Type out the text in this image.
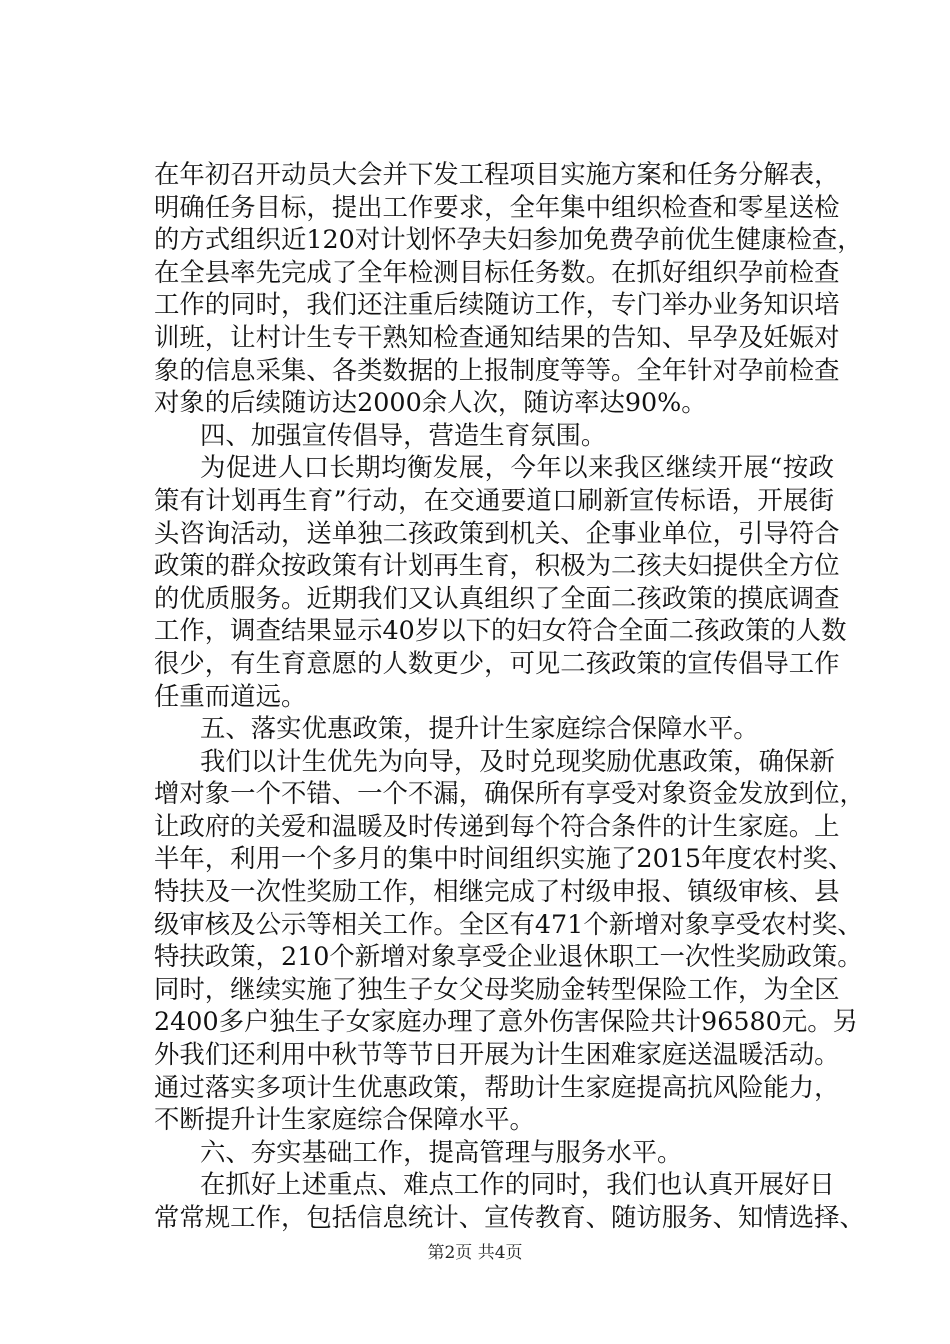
在年初召开动员大会并下发工程项目实施方案和任务分解表，
明确任务目标，提出工作要求，全年集中组织检查和零星送检
的方式组织近120对计划怀孕夫妇参加免费孕前优生健康检查，
在全县率先完成了全年检测目标任务数。在抓好组织孕前检查
工作的同时，我们还注重后续随访工作，专门举办业务知识培
训班，让村计生专干熟知检查通知结果的告知、早孕及妊娠对
象的信息采集、各类数据的上报制度等等。全年针对孕前检查
对象的后续随访达2000余人次，随访率达90%。
四、加强宣传倡导，营造生育氛围。
为促进人口长期均衡发展，今年以来我区继续开展“按政
策有计划再生育”行动，在交通要道口刷新宣传标语，开展街
头咨询活动，送单独二孩政策到机关、企事业单位，引导符合
政策的群众按政策有计划再生育，积极为二孩夫妇提供全方位
的优质服务。近期我们又认真组织了全面二孩政策的摸底调查
工作，调查结果显示40岁以下的妇女符合全面二孩政策的人数
很少，有生育意愿的人数更少，可见二孩政策的宣传倡导工作
任重而道远。
五、落实优惠政策，提升计生家庭综合保障水平。
我们以计生优先为向导，及时兑现奖励优惠政策，确保新
增对象一个不错、一个不漏，确保所有享受对象资金发放到位，
让政府的关爱和温暖及时传递到每个符合条件的计生家庭。上
半年，利用一个多月的集中时间组织实施了2015年度农村奖、
特扶及一次性奖励工作，相继完成了村级申报、镇级审核、县
级审核及公示等相关工作。全区有471个新增对象享受农村奖、
特扶政策，210个新增对象享受企业退休职工一次性奖励政策。
同时，继续实施了独生子女父母奖励金转型保险工作，为全区
2400多户独生子女家庭办理了意外伤害保险共计96580元。另
外我们还利用中秋节等节日开展为计生困难家庭送温暖活动。
通过落实多项计生优惠政策，帮助计生家庭提高抗风险能力，
不断提升计生家庭综合保障水平。
六、夯实基础工作，提高管理与服务水平。
在抓好上述重点、难点工作的同时，我们也认真开展好日
常常规工作，包括信息统计、宣传教育、随访服务、知情选择、
第2页 共4页
